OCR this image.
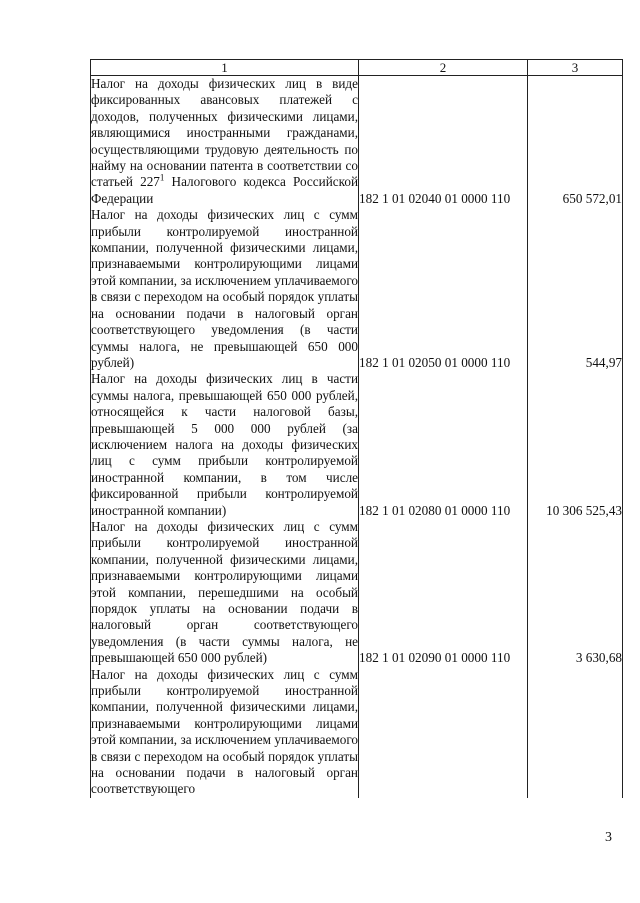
1	2	3
Налог на доходы физических лиц в виде фиксированных авансовых платежей с доходов, полученных физическими лицами, являющимися иностранными гражданами, осуществляющими трудовую деятельность по найму на основании патента в соответствии со статьей $227^1$ Налогового кодекса Российской Федерации	182 1 01 02040 01 0000 110	650 572,01
Налог на доходы физических лиц с сумм прибыли контролируемой иностранной компании, полученной физическими лицами, признаваемыми контролирующими лицами этой компании, за исключением уплачиваемого в связи с переходом на особый порядок уплаты на основании подачи в налоговый орган соответствующего уведомления (в части суммы налога, не превышающей 650 000 рублей)	182 1 01 02050 01 0000 110	544,97
Налог на доходы физических лиц в части суммы налога, превышающей 650 000 рублей, относящейся к части налоговой базы, превышающей 5 000 000 рублей (за исключением налога на доходы физических лиц с сумм прибыли контролируемой иностранной компании, в том числе фиксированной прибыли контролируемой иностранной компании)	182 1 01 02080 01 0000 110	10 306 525,43
Налог на доходы физических лиц с сумм прибыли контролируемой иностранной компании, полученной физическими лицами, признаваемыми контролирующими лицами этой компании, перешедшими на особый порядок уплаты на основании подачи в налоговый орган соответствующего уведомления (в части суммы налога, не превышающей 650 000 рублей)	182 1 01 02090 01 0000 110	3 630,68
Налог на доходы физических лиц с сумм прибыли контролируемой иностранной компании, полученной физическими лицами, признаваемыми контролирующими лицами этой компании, за исключением уплачиваемого в связи с переходом на особый порядок уплаты на основании подачи в налоговый орган соответствующего		
3
